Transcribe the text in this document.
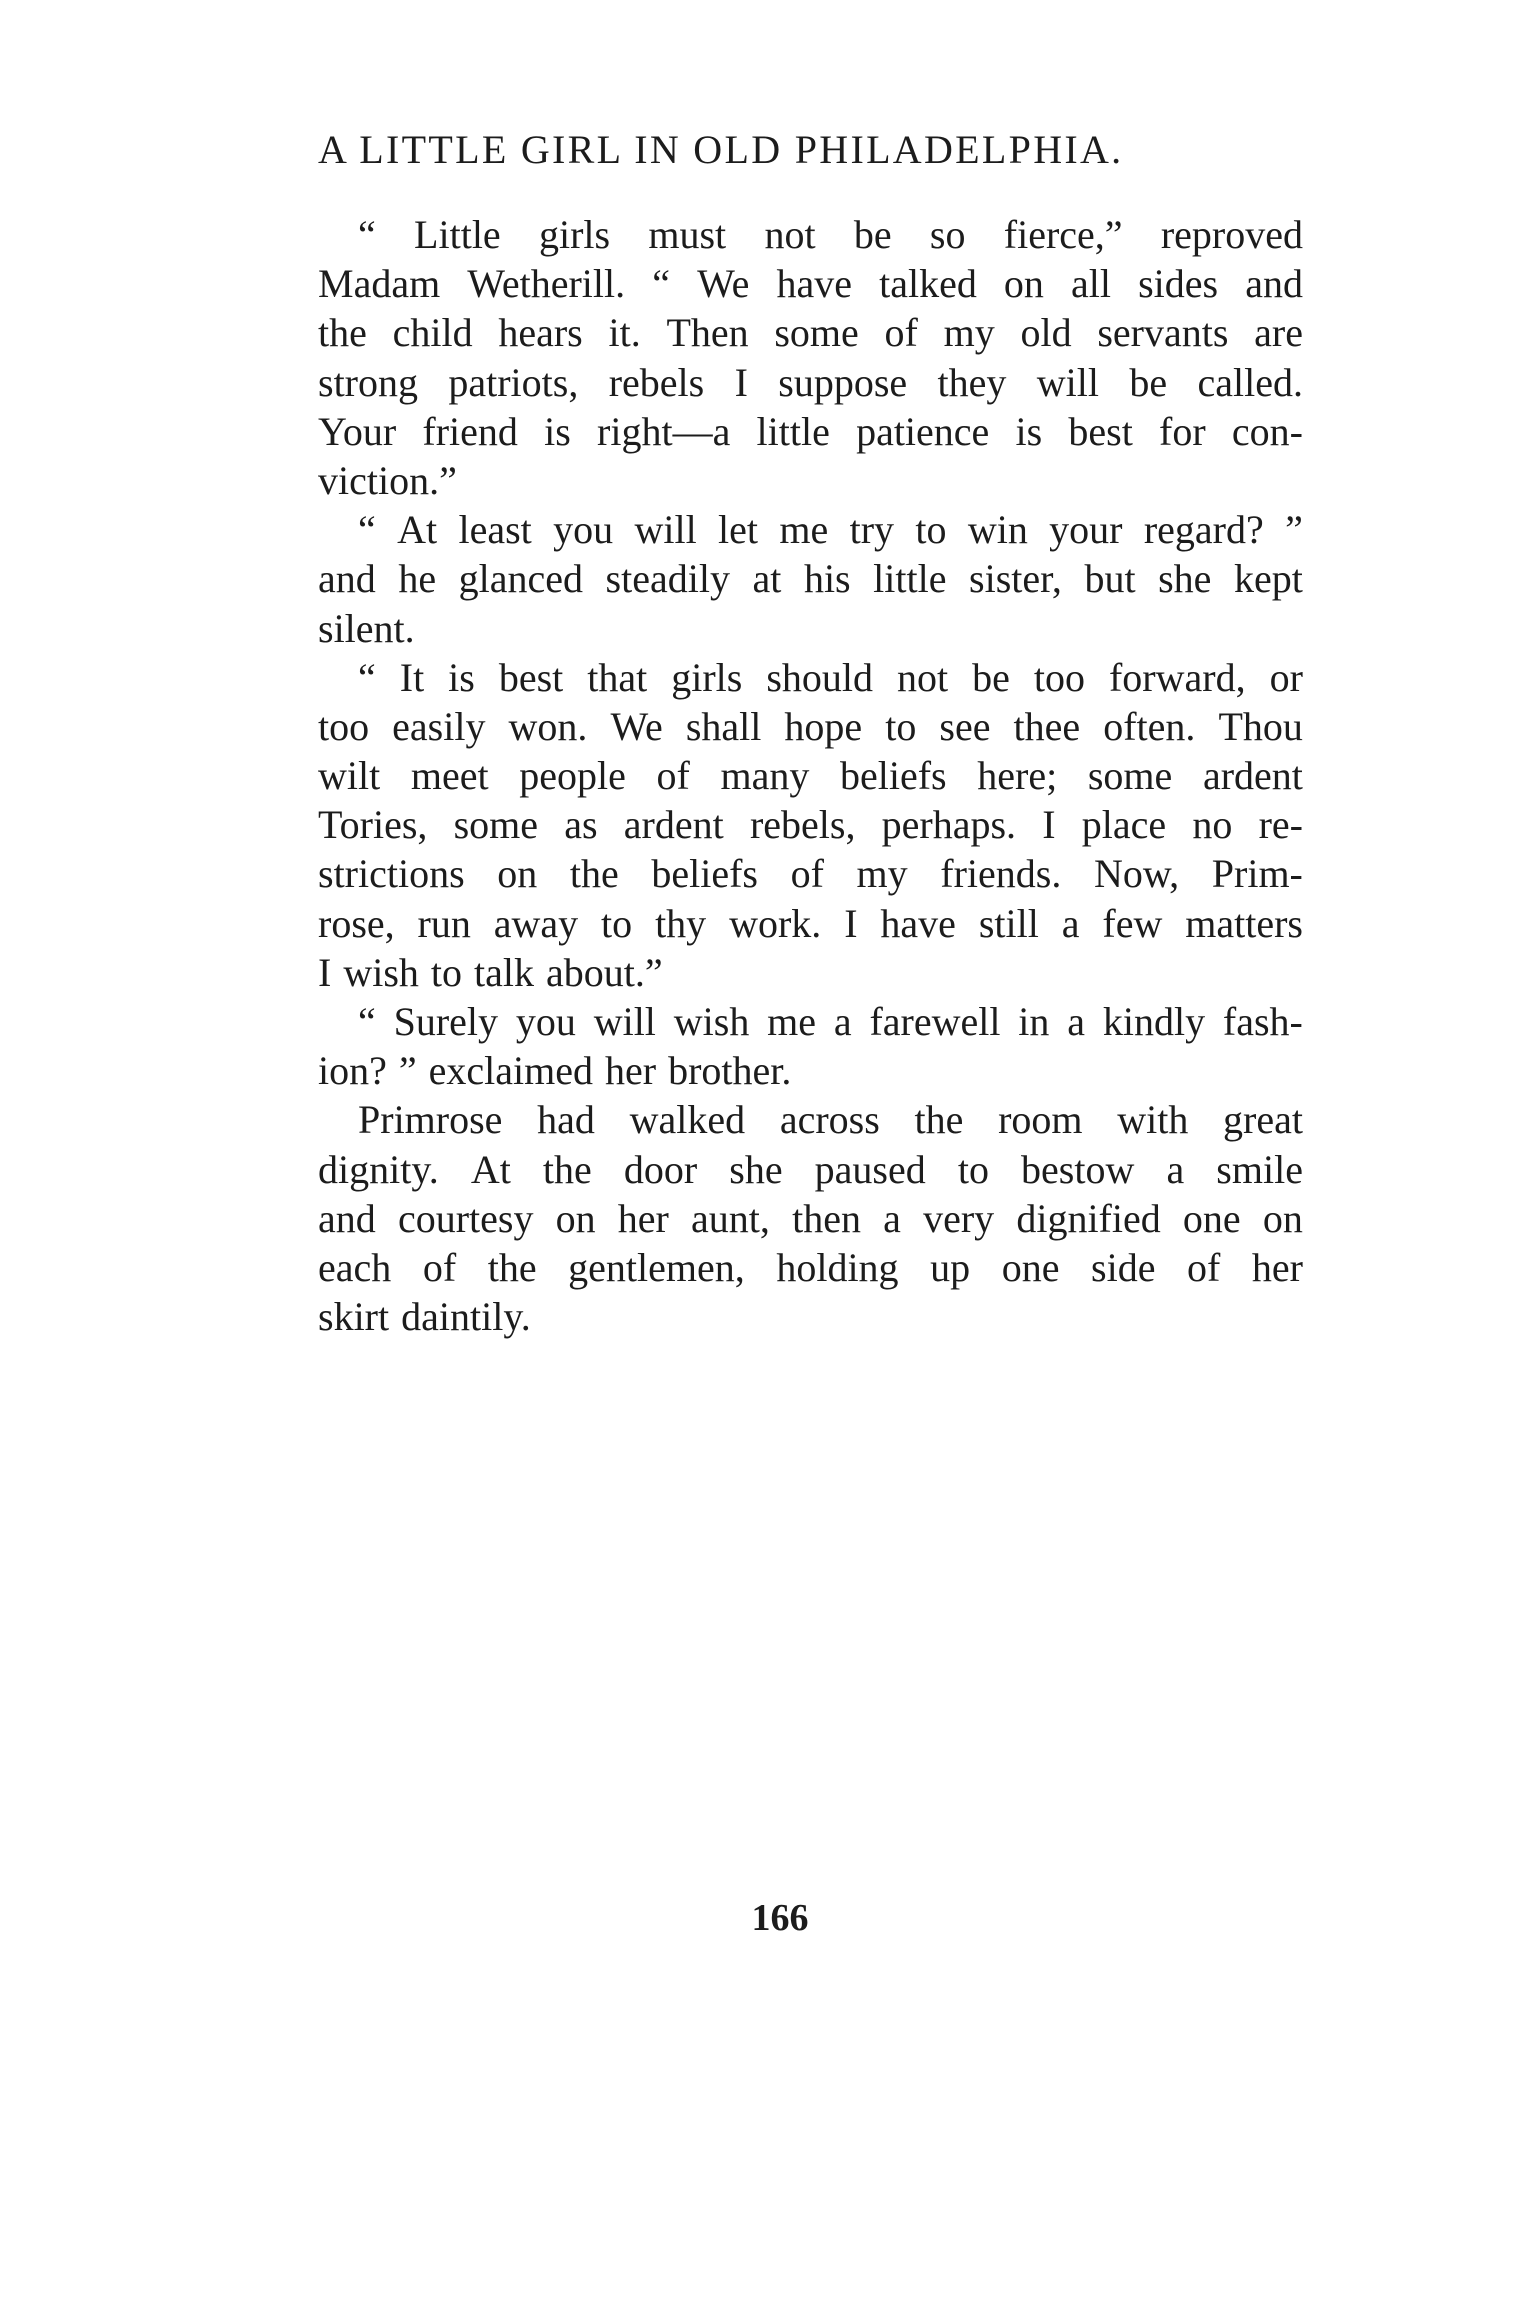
A LITTLE GIRL IN OLD PHILADELPHIA.
“ Little girls must not be so fierce,” reproved
Madam Wetherill. “ We have talked on all sides and
the child hears it. Then some of my old servants are
strong patriots, rebels I suppose they will be called.
Your friend is right—a little patience is best for con-
viction.”
“ At least you will let me try to win your regard? ”
and he glanced steadily at his little sister, but she kept
silent.
“ It is best that girls should not be too forward, or
too easily won. We shall hope to see thee often. Thou
wilt meet people of many beliefs here; some ardent
Tories, some as ardent rebels, perhaps. I place no re-
strictions on the beliefs of my friends. Now, Prim-
rose, run away to thy work. I have still a few matters
I wish to talk about.”
“ Surely you will wish me a farewell in a kindly fash-
ion? ” exclaimed her brother.
Primrose had walked across the room with great
dignity. At the door she paused to bestow a smile
and courtesy on her aunt, then a very dignified one on
each of the gentlemen, holding up one side of her
skirt daintily.
166
